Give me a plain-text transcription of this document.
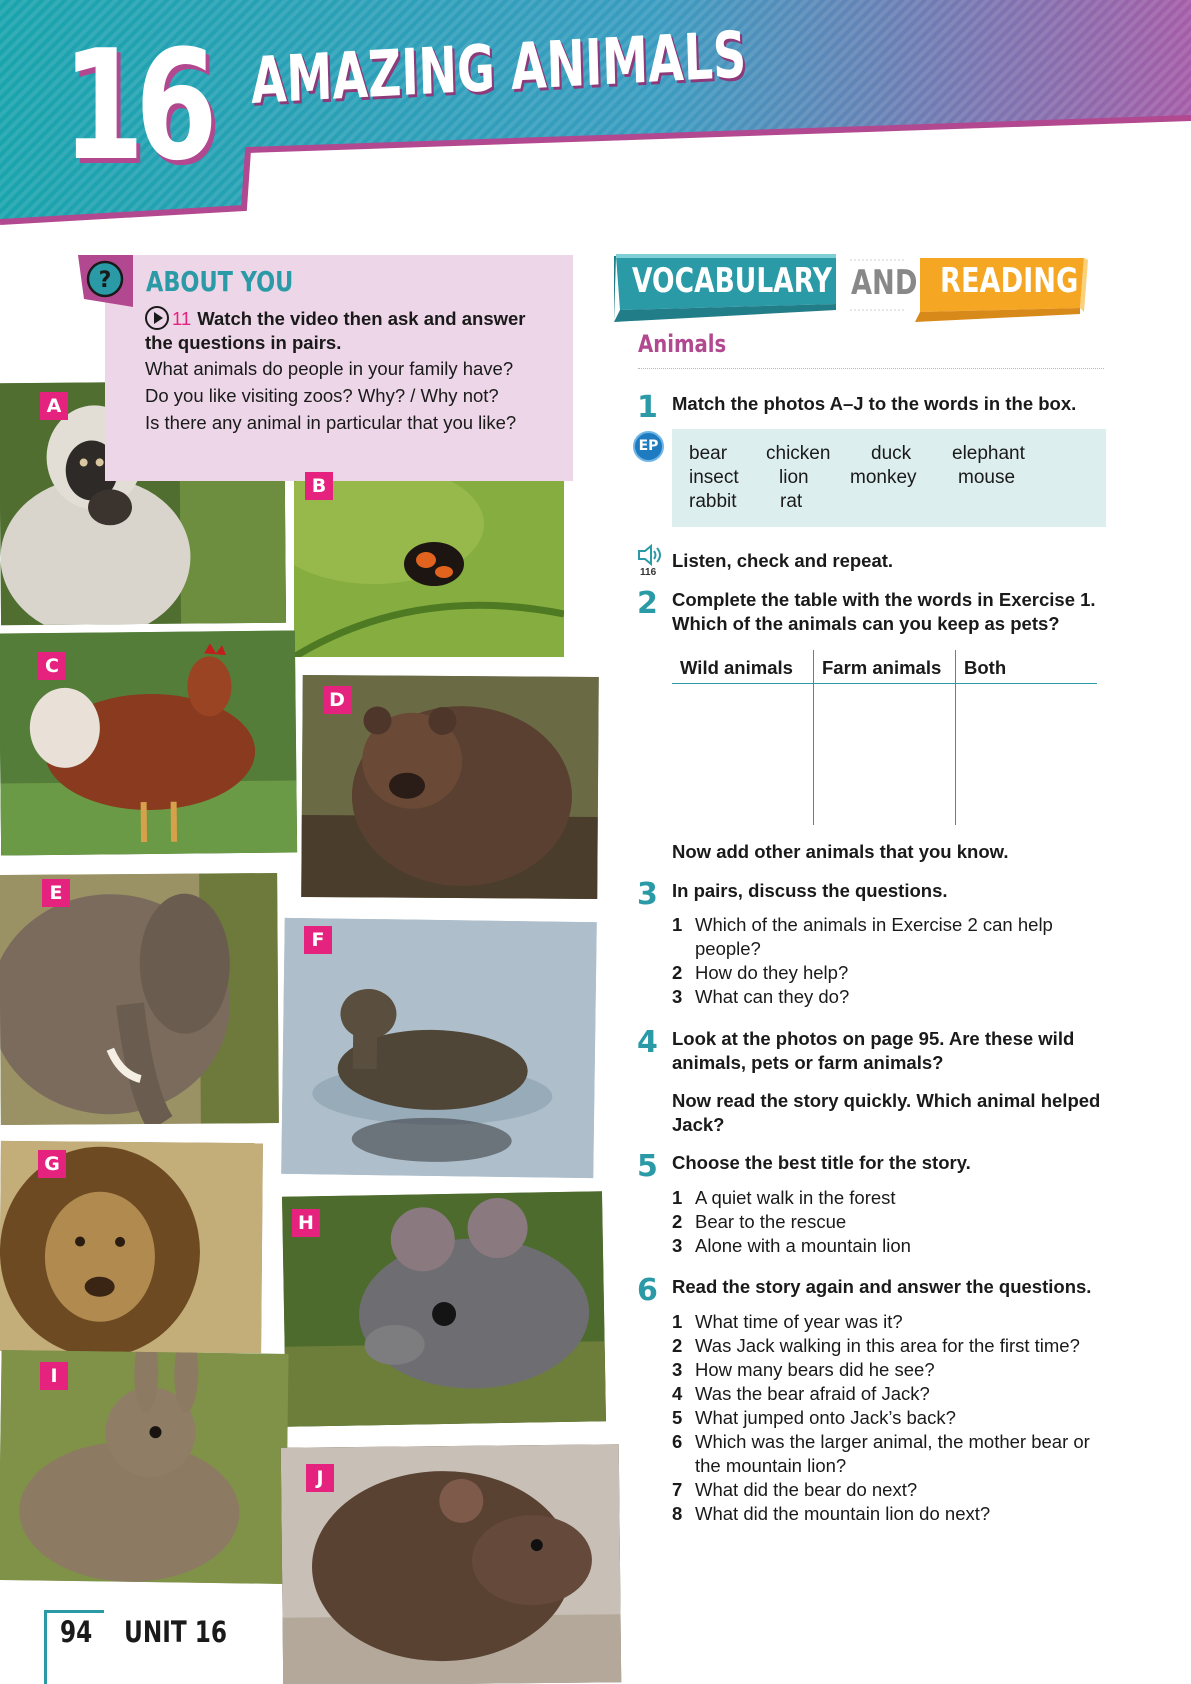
16 AMAZING ANIMALS
A
B
? ABOUT YOU
11 Watch the video then ask and answer the questions in pairs.
What animals do people in your family have?
Do you like visiting zoos? Why? / Why not?
Is there any animal in particular that you like?
C
D
E
F
G
H
I
J
VOCABULARY AND READING
Animals
1 Match the photos A–J to the words in the box.
EP bear chicken duck elephant
insect lion monkey mouse
rabbit rat
116
Listen, check and repeat.
2 Complete the table with the words in Exercise 1. Which of the animals can you keep as pets?
Wild animals Farm animals Both
Now add other animals that you know.
3 In pairs, discuss the questions.
1 Which of the animals in Exercise 2 can help people?
2 How do they help?
3 What can they do?
4 Look at the photos on page 95. Are these wild animals, pets or farm animals?
Now read the story quickly. Which animal helped Jack?
5 Choose the best title for the story.
1 A quiet walk in the forest
2 Bear to the rescue
3 Alone with a mountain lion
6 Read the story again and answer the questions.
1 What time of year was it?
2 Was Jack walking in this area for the first time?
3 How many bears did he see?
4 Was the bear afraid of Jack?
5 What jumped onto Jack’s back?
6 Which was the larger animal, the mother bear or the mountain lion?
7 What did the bear do next?
8 What did the mountain lion do next?
94 UNIT 16
